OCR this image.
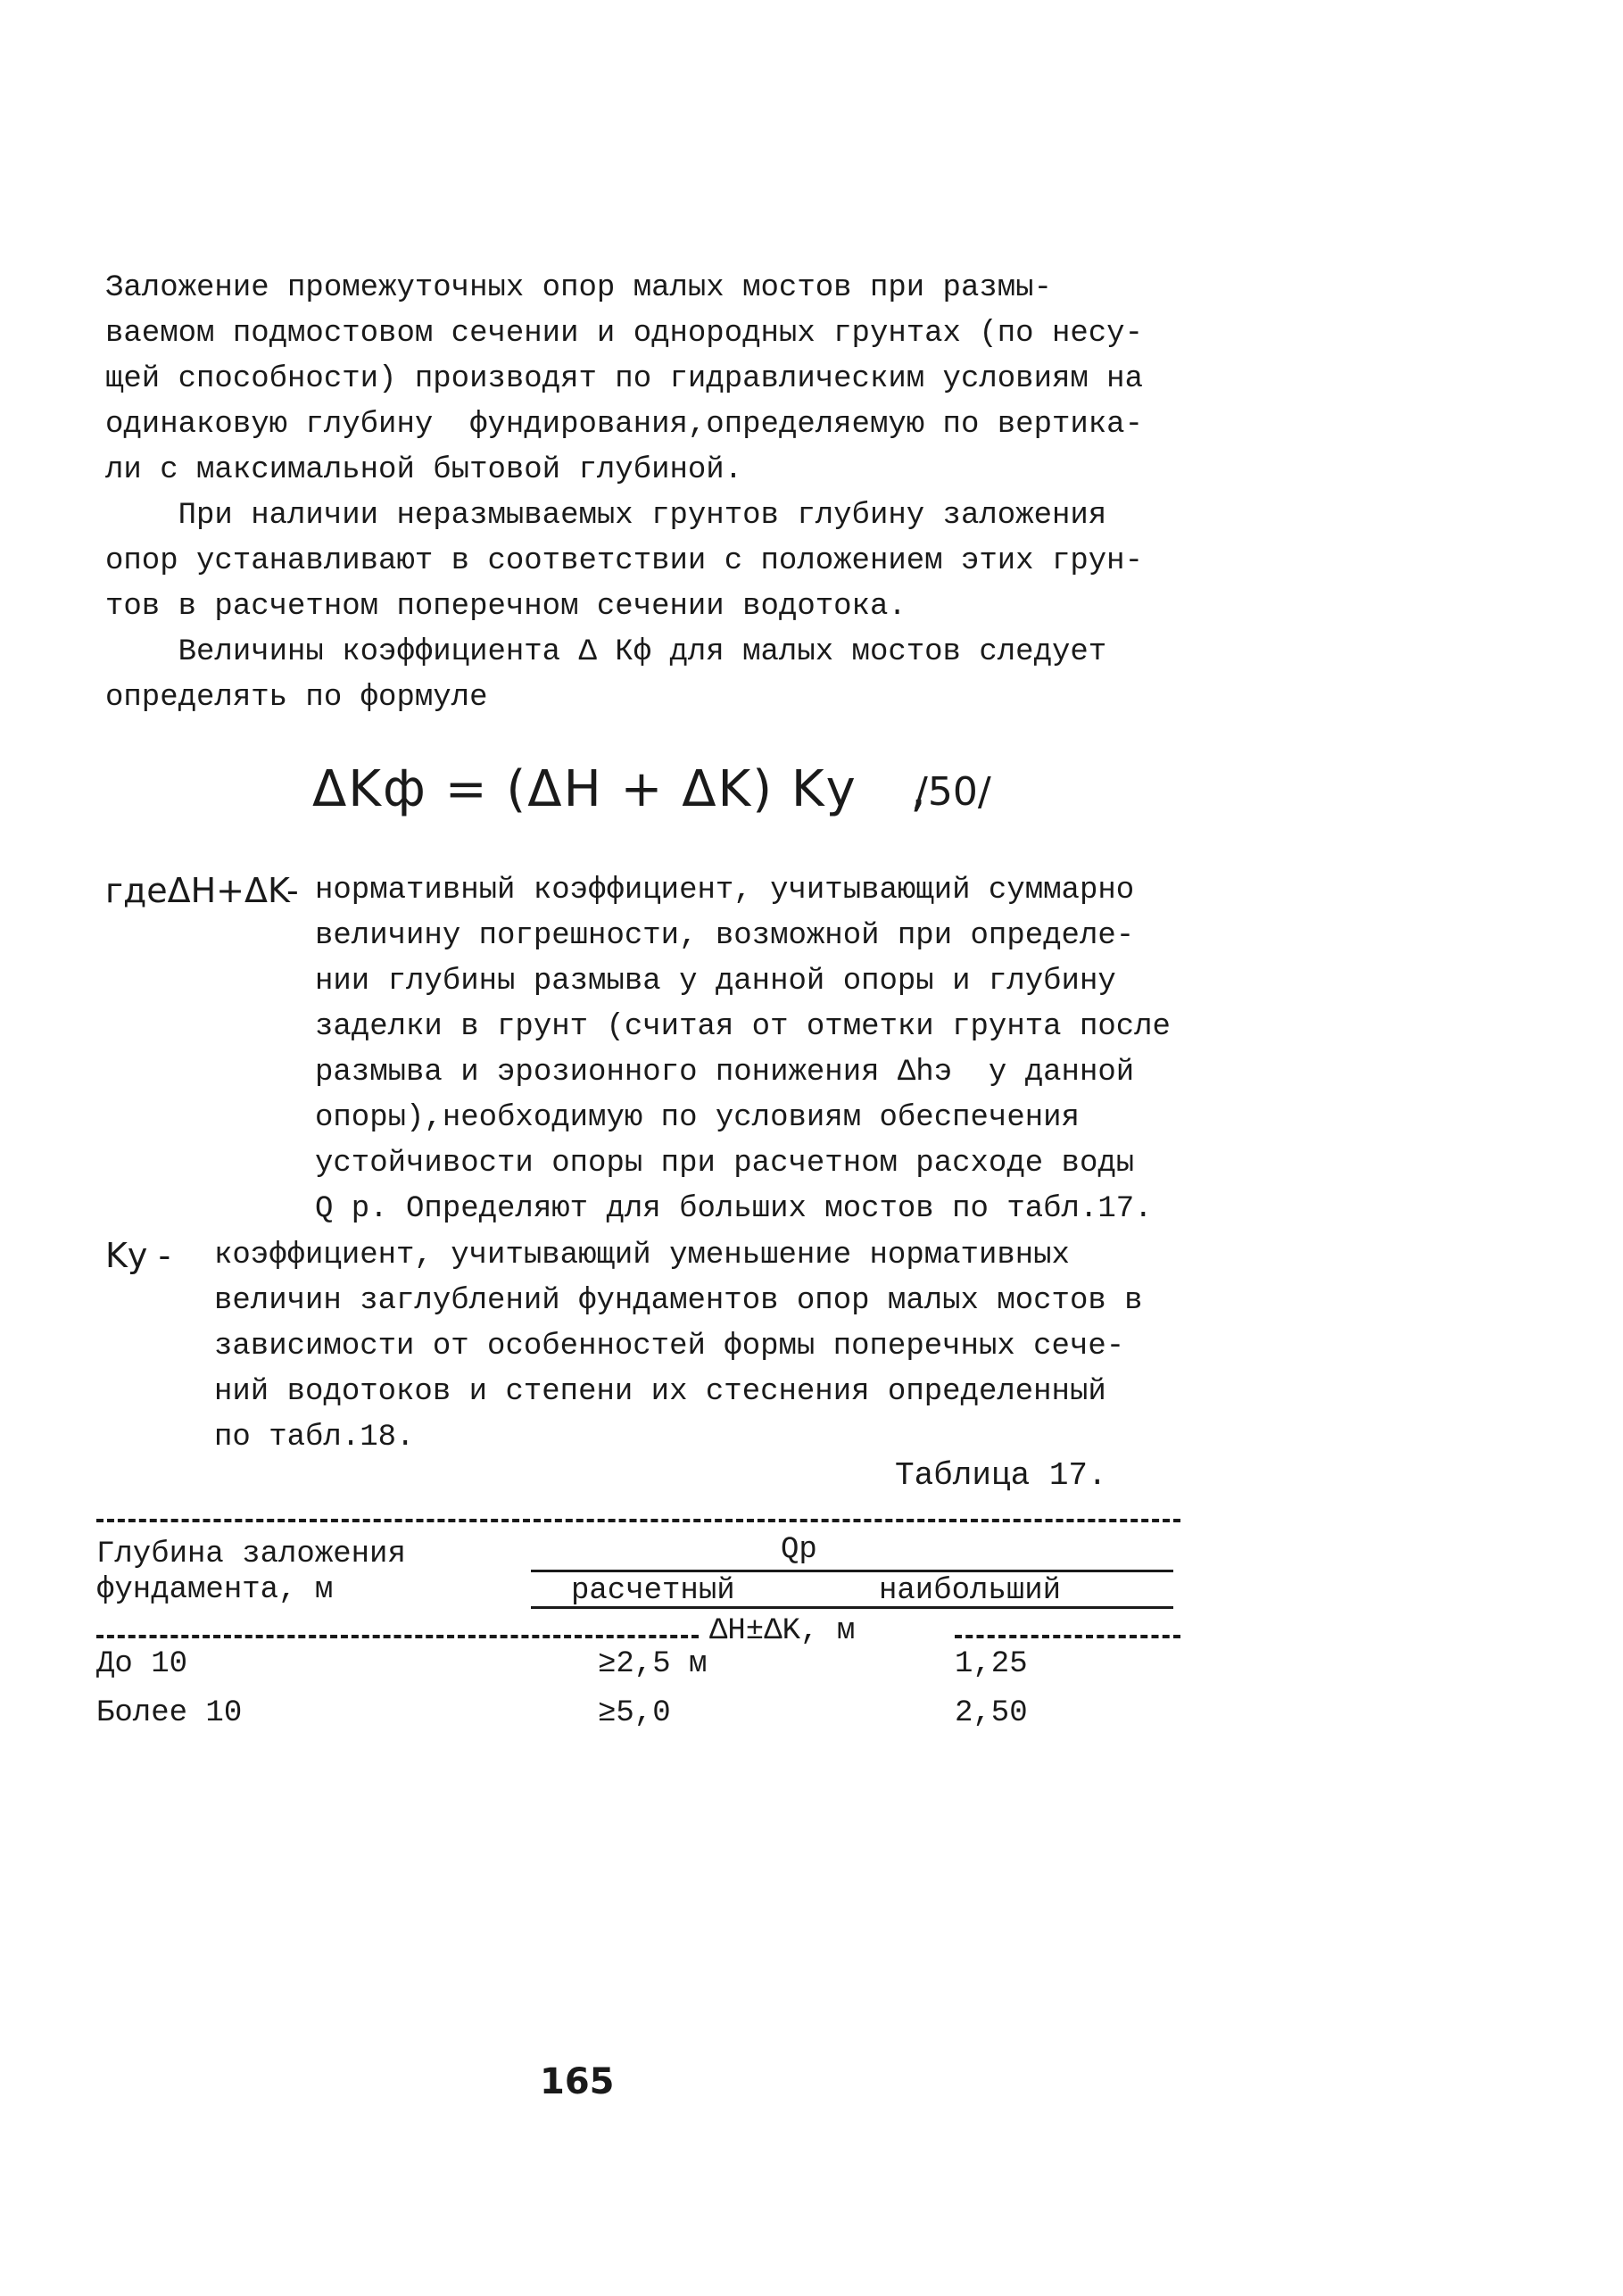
Заложение промежуточных опор малых мостов при размы-
ваемом подмостовом сечении и однородных грунтах (по несу-
щей способности) производят по гидравлическим условиям на
одинаковую глубину  фундирования,определяемую по вертика-
ли с максимальной бытовой глубиной.
При наличии неразмываемых грунтов глубину заложения
опор устанавливают в соответствии с положением этих грун-
тов в расчетном поперечном сечении водотока.
Величины коэффициента Δ Кф для малых мостов следует
определять по формуле
ΔKф = (ΔH + ΔK) Kу   ,
/50/
гдеΔH+ΔK- нормативный коэффициент, учитывающий суммарно
величину погрешности, возможной при определе-
нии глубины размыва у данной опоры и глубину
заделки в грунт (считая от отметки грунта после
размыва и эрозионного понижения Δhэ  у данной
опоры),необходимую по условиям обеспечения
устойчивости опоры при расчетном расходе воды
Q р. Определяют для больших мостов по табл.17.
Kу - коэффициент, учитывающий уменьшение нормативных
величин заглублений фундаментов опор малых мостов в
зависимости от особенностей формы поперечных сече-
ний водотоков и степени их стеснения определенный
по табл.18.
Таблица 17.
Глубина заложения
фундамента, м
Qр
расчетный	наибольший
ΔH±ΔK, м
До 10	≥2,5 м	1,25
Более 10	≥5,0	2,50
165
